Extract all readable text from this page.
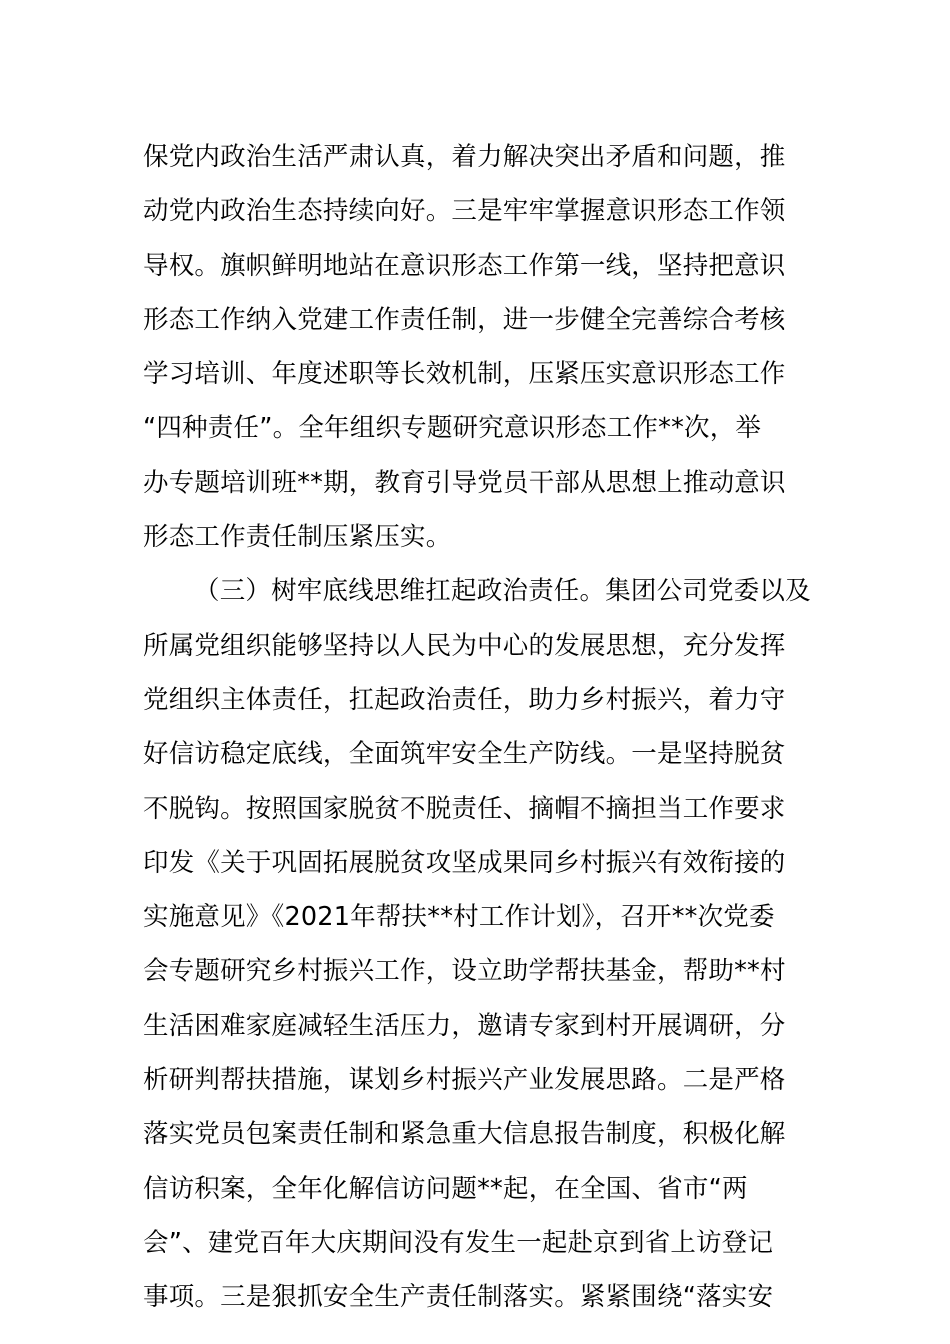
保党内政治生活严肃认真，着力解决突出矛盾和问题，推
动党内政治生态持续向好。三是牢牢掌握意识形态工作领
导权。旗帜鲜明地站在意识形态工作第一线，坚持把意识
形态工作纳入党建工作责任制，进一步健全完善综合考核
学习培训、年度述职等长效机制，压紧压实意识形态工作
“四种责任”。全年组织专题研究意识形态工作**次，举
办专题培训班**期，教育引导党员干部从思想上推动意识
形态工作责任制压紧压实。
（三）树牢底线思维扛起政治责任。集团公司党委以及
所属党组织能够坚持以人民为中心的发展思想，充分发挥
党组织主体责任，扛起政治责任，助力乡村振兴，着力守
好信访稳定底线，全面筑牢安全生产防线。一是坚持脱贫
不脱钩。按照国家脱贫不脱责任、摘帽不摘担当工作要求
印发《关于巩固拓展脱贫攻坚成果同乡村振兴有效衔接的
实施意见》《2021年帮扶**村工作计划》，召开**次党委
会专题研究乡村振兴工作，设立助学帮扶基金，帮助**村
生活困难家庭减轻生活压力，邀请专家到村开展调研，分
析研判帮扶措施，谋划乡村振兴产业发展思路。二是严格
落实党员包案责任制和紧急重大信息报告制度，积极化解
信访积案，全年化解信访问题**起，在全国、省市“两
会”、建党百年大庆期间没有发生一起赴京到省上访登记
事项。三是狠抓安全生产责任制落实。紧紧围绕“落实安
